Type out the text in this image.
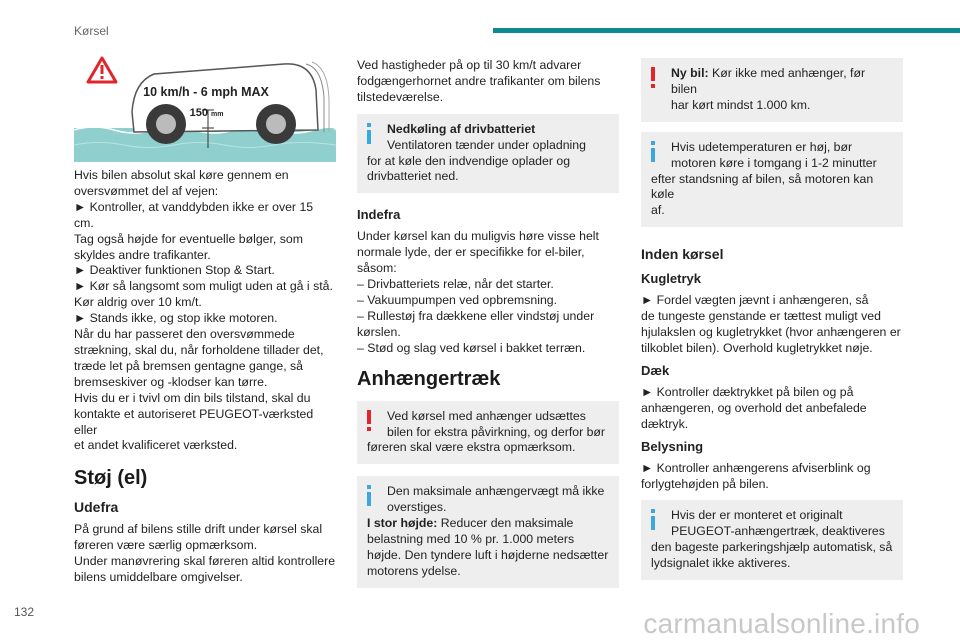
Kørsel
10 km/h - 6 mph MAX
150 mm

Hvis bilen absolut skal køre gennem en

oversvømmet del af vejen:

► Kontroller, at vanddybden ikke er over 15 cm.

Tag også højde for eventuelle bølger, som

skyldes andre trafikanter.

► Deaktiver funktionen Stop & Start.

► Kør så langsomt som muligt uden at gå i stå.

Kør aldrig over 10 km/t.

► Stands ikke, og stop ikke motoren.

Når du har passeret den oversvømmede

strækning, skal du, når forholdene tillader det,

træde let på bremsen gentagne gange, så

bremseskiver og -klodser kan tørre.

Hvis du er i tvivl om din bils tilstand, skal du

kontakte et autoriseret PEUGEOT-værksted eller

et andet kvalificeret værksted.

Støj (el)
Udefra

På grund af bilens stille drift under kørsel skal

føreren være særlig opmærksom.

Under manøvrering skal føreren altid kontrollere

bilens umiddelbare omgivelser.

Ved hastigheder på op til 30 km/t advarer

fodgængerhornet andre trafikanter om bilens

tilstedeværelse.

Nedkøling af drivbatteriet
Ventilatoren tænder under opladning
for at køle den indvendige oplader og
drivbatteriet ned.
Indefra

Under kørsel kan du muligvis høre visse helt

normale lyde, der er specifikke for el-biler,

såsom:

– Drivbatteriets relæ, når det starter.

– Vakuumpumpen ved opbremsning.

– Rullestøj fra dækkene eller vindstøj under

kørslen.

– Stød og slag ved kørsel i bakket terræn.

Anhængertræk
Ved kørsel med anhænger udsættes
bilen for ekstra påvirkning, og derfor bør
føreren skal være ekstra opmærksom.
Den maksimale anhængervægt må ikke
overstiges.
I stor højde: Reducer den maksimale
belastning med 10 % pr. 1.000 meters
højde. Den tyndere luft i højderne nedsætter
motorens ydelse.
Ny bil: Kør ikke med anhænger, før bilen
har kørt mindst 1.000 km.
Hvis udetemperaturen er høj, bør
motoren køre i tomgang i 1-2 minutter
efter standsning af bilen, så motoren kan køle
af.
Inden kørsel
Kugletryk

► Fordel vægten jævnt i anhængeren, så

de tungeste genstande er tættest muligt ved

hjulakslen og kugletrykket (hvor anhængeren er

tilkoblet bilen). Overhold kugletrykket nøje.

Dæk

► Kontroller dæktrykket på bilen og på

anhængeren, og overhold det anbefalede

dæktryk.

Belysning

► Kontroller anhængerens afviserblink og

forlygtehøjden på bilen.

Hvis der er monteret et originalt
PEUGEOT-anhængertræk, deaktiveres
den bageste parkeringshjælp automatisk, så
lydsignalet ikke aktiveres.
132	carmanualsonline.info
